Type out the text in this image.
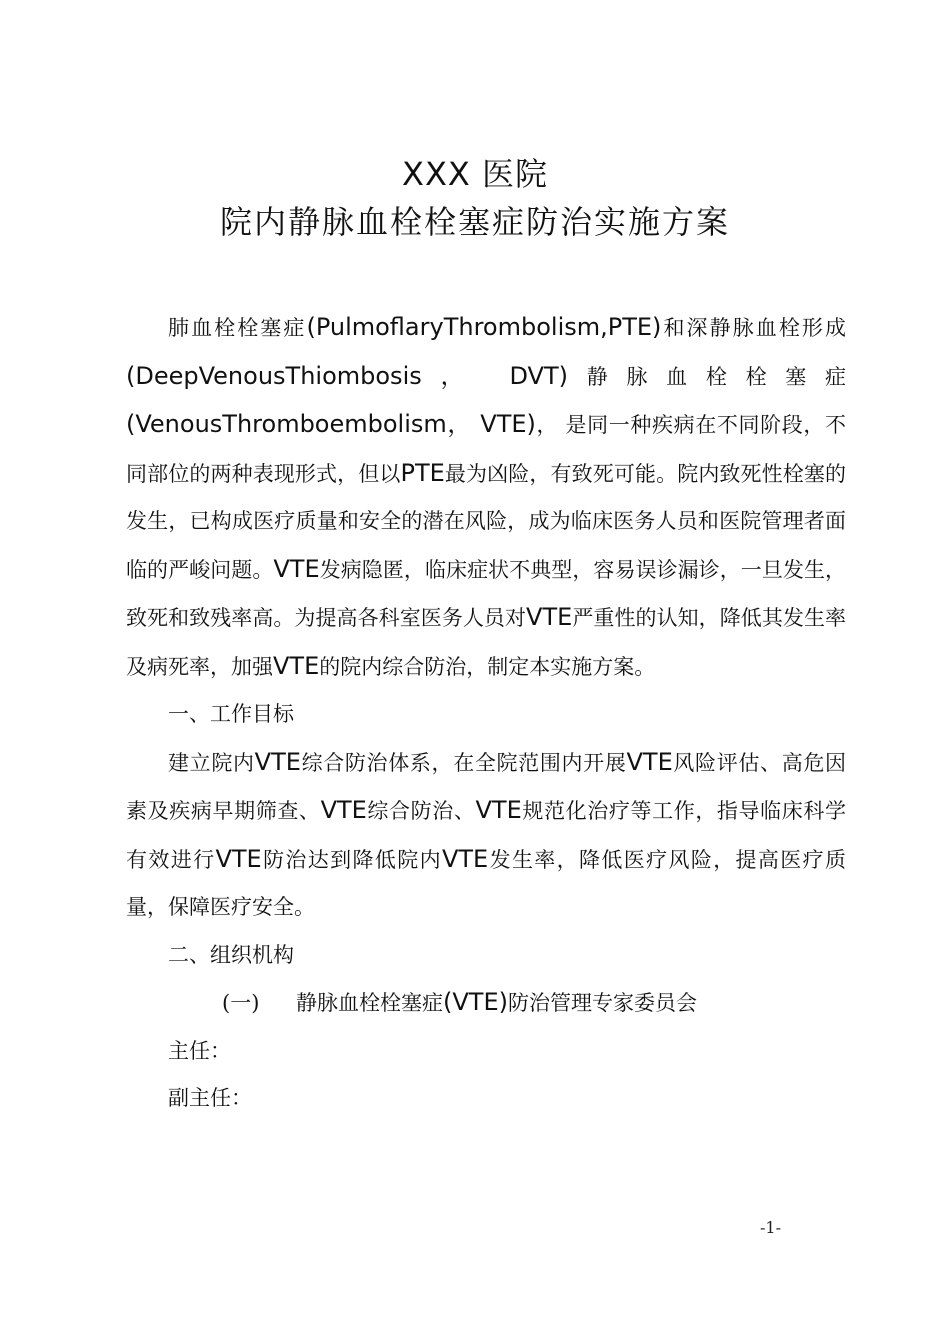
XXX 医院
院内静脉血栓栓塞症防治实施方案

肺血栓栓塞症(PulmoflaryThrombolism,PTE)和深静脉血栓形成(DeepVenousThiombosis， DVT)静脉血栓栓塞症(VenousThromboembolism， VTE)， 是同一种疾病在不同阶段，不同部位的两种表现形式，但以PTE最为凶险，有致死可能。院内致死性栓塞的发生，已构成医疗质量和安全的潜在风险，成为临床医务人员和医院管理者面临的严峻问题。VTE发病隐匿，临床症状不典型，容易误诊漏诊，一旦发生，致死和致残率高。为提高各科室医务人员对VTE严重性的认知，降低其发生率及病死率，加强VTE的院内综合防治，制定本实施方案。

一、工作目标

建立院内VTE综合防治体系，在全院范围内开展VTE风险评估、高危因素及疾病早期筛查、VTE综合防治、VTE规范化治疗等工作，指导临床科学有效进行VTE防治达到降低院内VTE发生率，降低医疗风险，提高医疗质量，保障医疗安全。

二、组织机构

(一) 静脉血栓栓塞症(VTE)防治管理专家委员会

主任：

副主任：

-1-
